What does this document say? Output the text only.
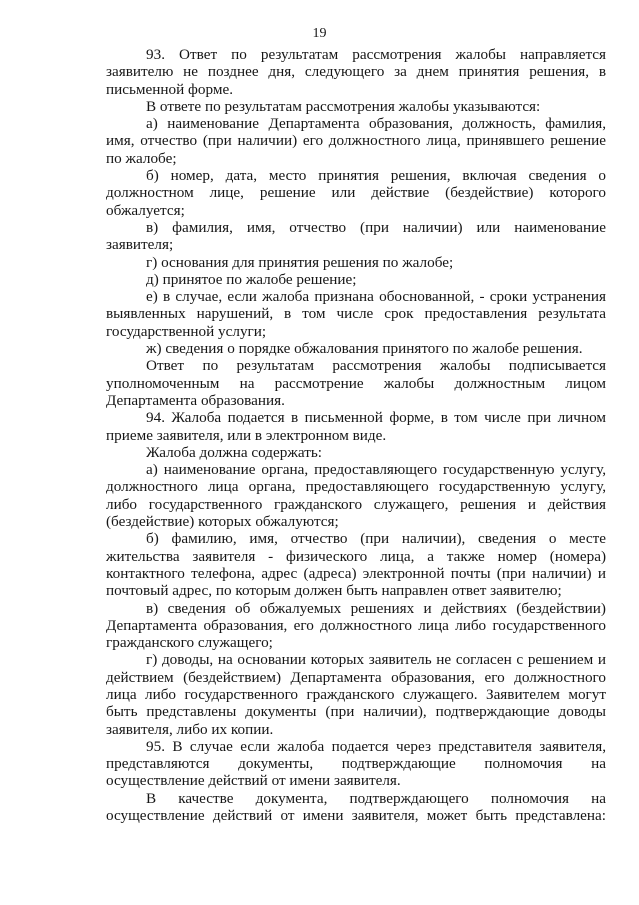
19

93. Ответ по результатам рассмотрения жалобы направляется заявителю не позднее дня, следующего за днем принятия решения, в письменной форме.

В ответе по результатам рассмотрения жалобы указываются:

а) наименование Департамента образования, должность, фамилия, имя, отчество (при наличии) его должностного лица, принявшего решение по жалобе;

б) номер, дата, место принятия решения, включая сведения о должностном лице, решение или действие (бездействие) которого обжалуется;

в) фамилия, имя, отчество (при наличии) или наименование заявителя;

г) основания для принятия решения по жалобе;

д) принятое по жалобе решение;

е) в случае, если жалоба признана обоснованной, - сроки устранения выявленных нарушений, в том числе срок предоставления результата государственной услуги;

ж) сведения о порядке обжалования принятого по жалобе решения.

Ответ по результатам рассмотрения жалобы подписывается уполномоченным на рассмотрение жалобы должностным лицом Департамента образования.

94. Жалоба подается в письменной форме, в том числе при личном приеме заявителя, или в электронном виде.

Жалоба должна содержать:

а) наименование органа, предоставляющего государственную услугу, должностного лица органа, предоставляющего государственную услугу, либо государственного гражданского служащего, решения и действия (бездействие) которых обжалуются;

б) фамилию, имя, отчество (при наличии), сведения о месте жительства заявителя - физического лица, а также номер (номера) контактного телефона, адрес (адреса) электронной почты (при наличии) и почтовый адрес, по которым должен быть направлен ответ заявителю;

в) сведения об обжалуемых решениях и действиях (бездействии) Департамента образования, его должностного лица либо государственного гражданского служащего;

г) доводы, на основании которых заявитель не согласен с решением и действием (бездействием) Департамента образования, его должностного лица либо государственного гражданского служащего. Заявителем могут быть представлены документы (при наличии), подтверждающие доводы заявителя, либо их копии.

95. В случае если жалоба подается через представителя заявителя, представляются документы, подтверждающие полномочия на осуществление действий от имени заявителя.

В качестве документа, подтверждающего полномочия на осуществление действий от имени заявителя, может быть представлена:
